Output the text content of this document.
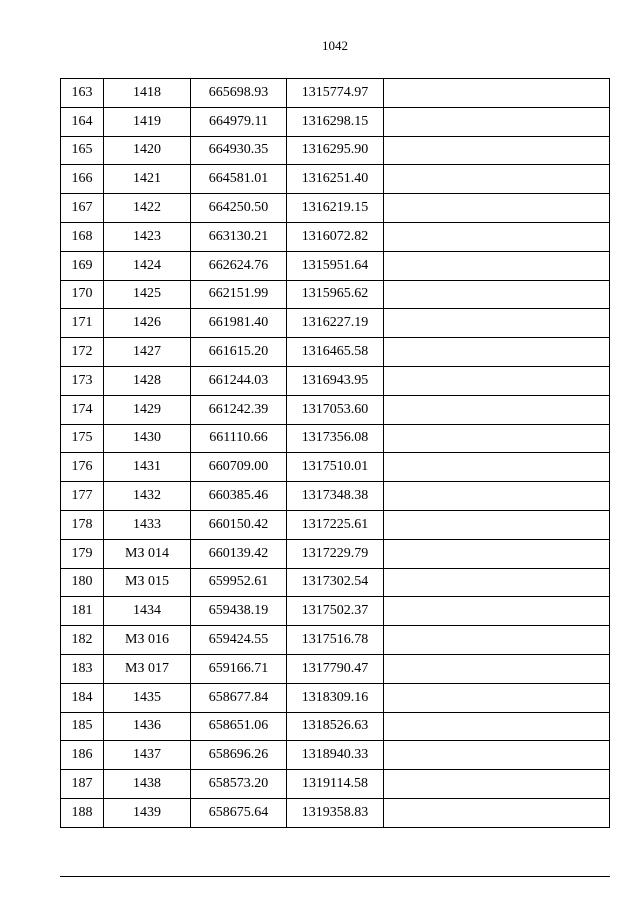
1042
163	1418	665698.93	1315774.97	
164	1419	664979.11	1316298.15	
165	1420	664930.35	1316295.90	
166	1421	664581.01	1316251.40	
167	1422	664250.50	1316219.15	
168	1423	663130.21	1316072.82	
169	1424	662624.76	1315951.64	
170	1425	662151.99	1315965.62	
171	1426	661981.40	1316227.19	
172	1427	661615.20	1316465.58	
173	1428	661244.03	1316943.95	
174	1429	661242.39	1317053.60	
175	1430	661110.66	1317356.08	
176	1431	660709.00	1317510.01	
177	1432	660385.46	1317348.38	
178	1433	660150.42	1317225.61	
179	МЗ 014	660139.42	1317229.79	
180	МЗ 015	659952.61	1317302.54	
181	1434	659438.19	1317502.37	
182	МЗ 016	659424.55	1317516.78	
183	МЗ 017	659166.71	1317790.47	
184	1435	658677.84	1318309.16	
185	1436	658651.06	1318526.63	
186	1437	658696.26	1318940.33	
187	1438	658573.20	1319114.58	
188	1439	658675.64	1319358.83	
